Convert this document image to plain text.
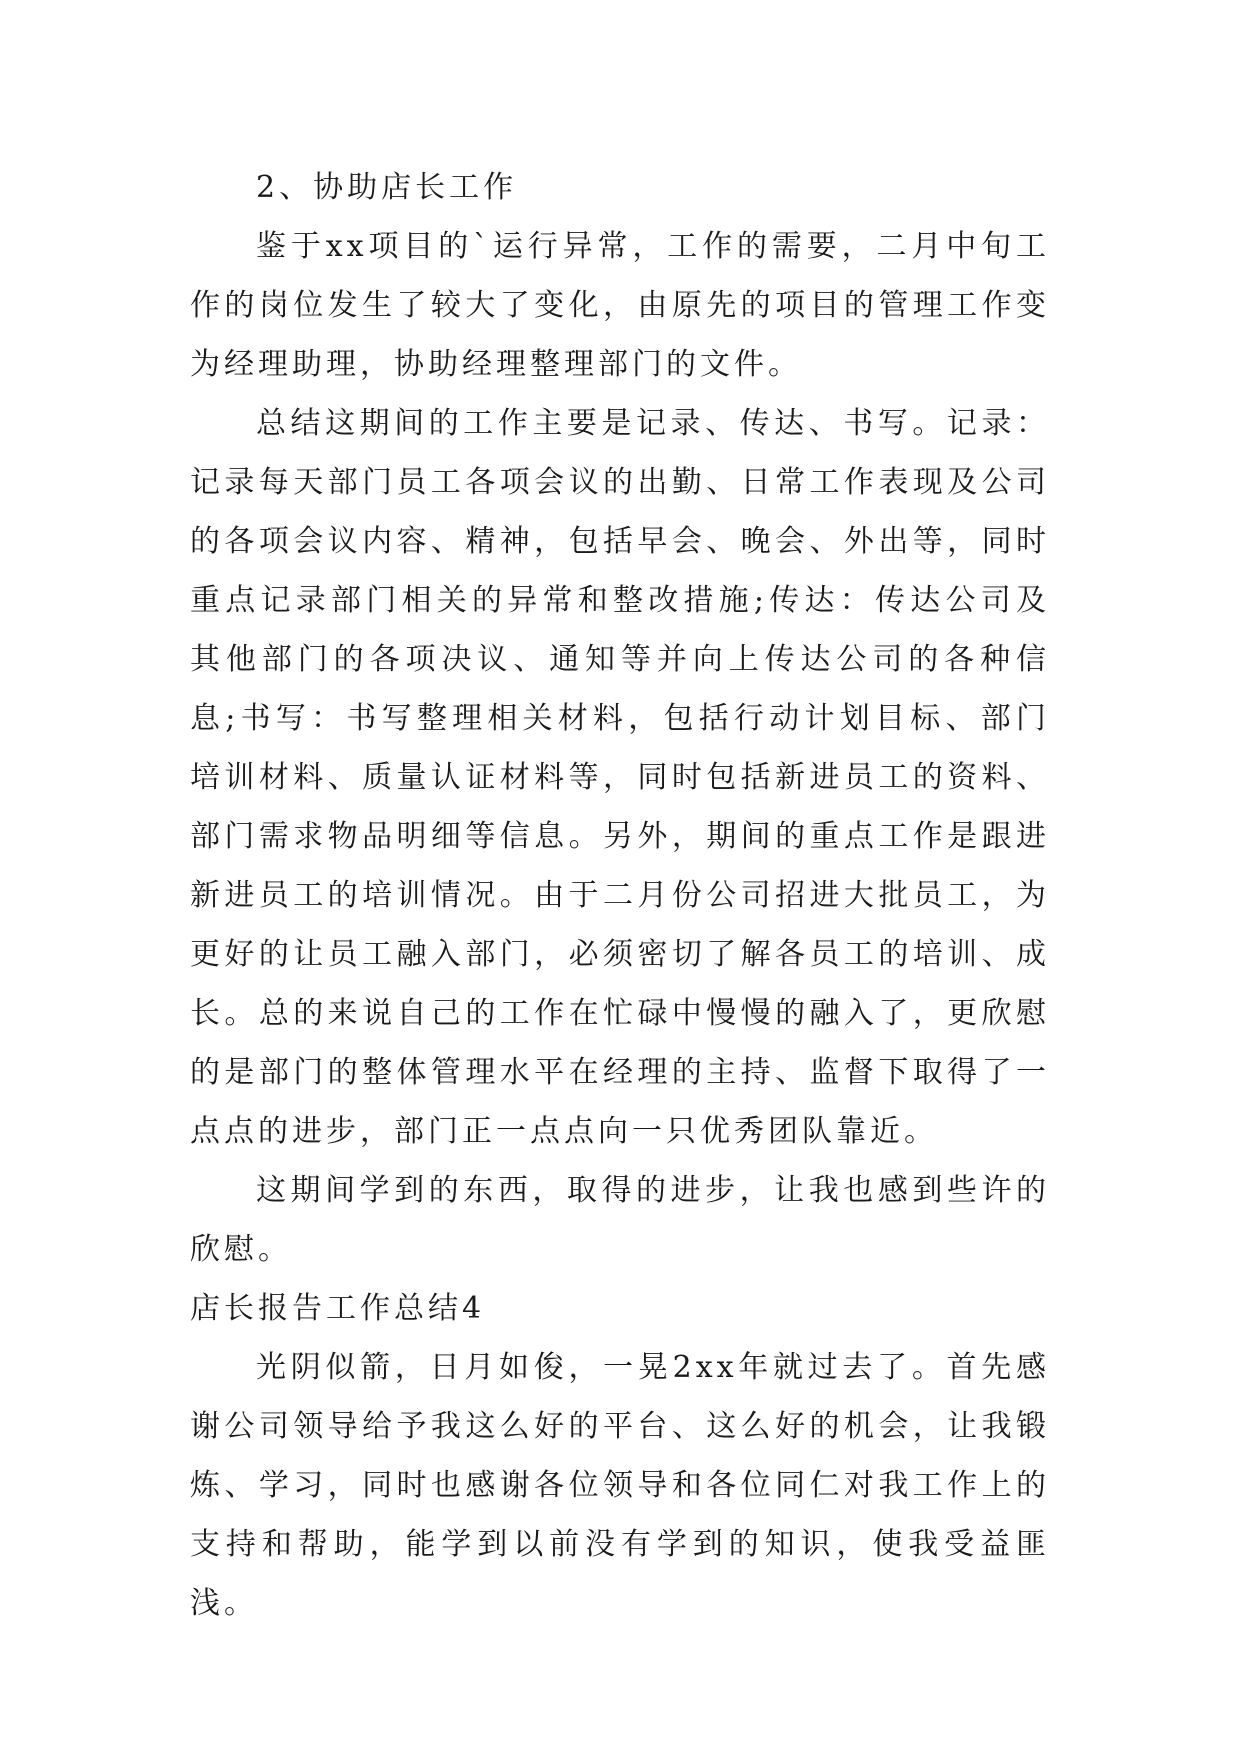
2、协助店长工作

鉴于xx项目的`运行异常，工作的需要，二月中旬工作的岗位发生了较大了变化，由原先的项目的管理工作变为经理助理，协助经理整理部门的文件。

总结这期间的工作主要是记录、传达、书写。记录：记录每天部门员工各项会议的出勤、日常工作表现及公司的各项会议内容、精神，包括早会、晚会、外出等，同时重点记录部门相关的异常和整改措施;传达：传达公司及其他部门的各项决议、通知等并向上传达公司的各种信息;书写：书写整理相关材料，包括行动计划目标、部门培训材料、质量认证材料等，同时包括新进员工的资料、部门需求物品明细等信息。另外，期间的重点工作是跟进新进员工的培训情况。由于二月份公司招进大批员工，为更好的让员工融入部门，必须密切了解各员工的培训、成长。总的来说自己的工作在忙碌中慢慢的融入了，更欣慰的是部门的整体管理水平在经理的主持、监督下取得了一点点的进步，部门正一点点向一只优秀团队靠近。

这期间学到的东西，取得的进步，让我也感到些许的欣慰。

店长报告工作总结4

光阴似箭，日月如俊，一晃2xx年就过去了。首先感谢公司领导给予我这么好的平台、这么好的机会，让我锻炼、学习，同时也感谢各位领导和各位同仁对我工作上的支持和帮助，能学到以前没有学到的知识，使我受益匪浅。
